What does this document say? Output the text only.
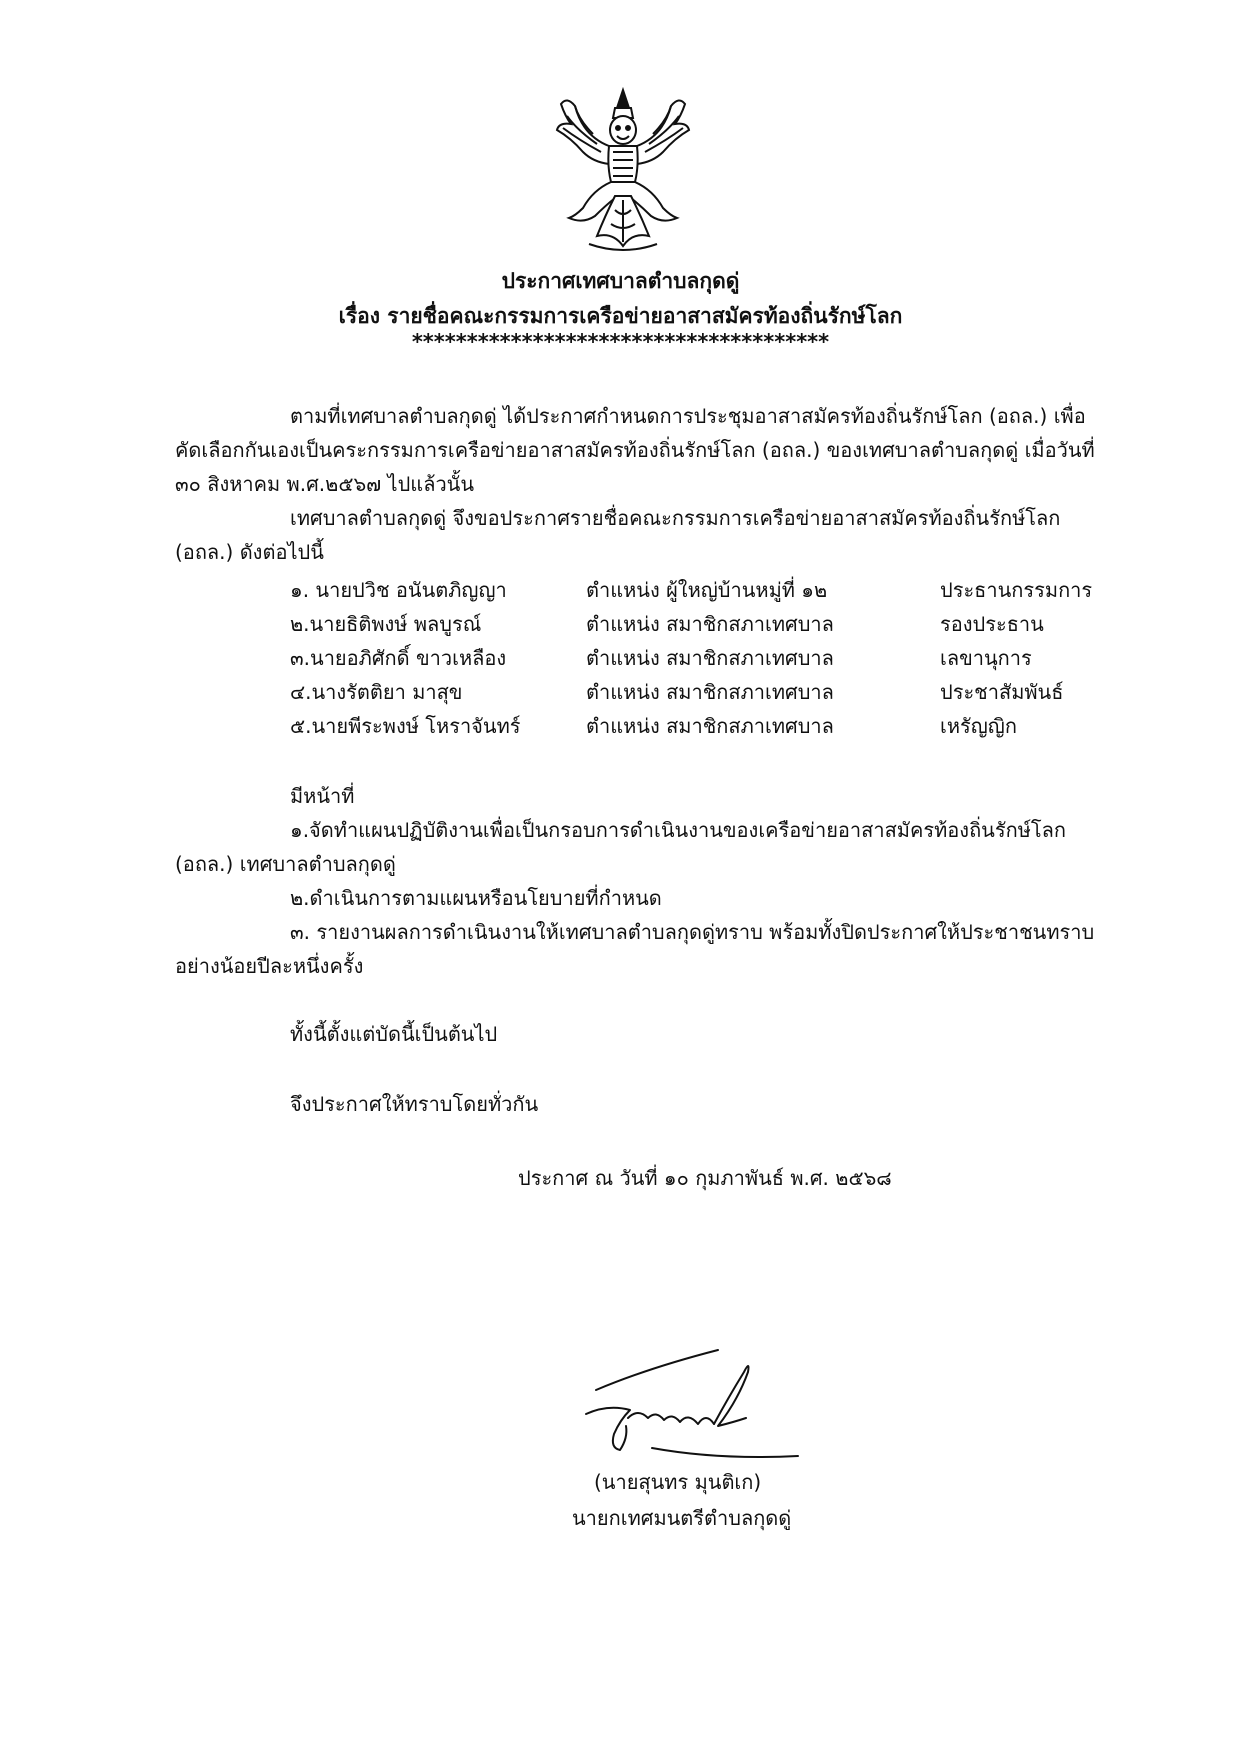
ประกาศเทศบาลตำบลกุดดู่
เรื่อง รายชื่อคณะกรรมการเครือข่ายอาสาสมัครท้องถิ่นรักษ์โลก
**************************************
ตามที่เทศบาลตำบลกุดดู่ ได้ประกาศกำหนดการประชุมอาสาสมัครท้องถิ่นรักษ์โลก (อถล.) เพื่อ
คัดเลือกกันเองเป็นคระกรรมการเครือข่ายอาสาสมัครท้องถิ่นรักษ์โลก (อถล.) ของเทศบาลตำบลกุดดู่ เมื่อวันที่
๓๐ สิงหาคม พ.ศ.๒๕๖๗ ไปแล้วนั้น
เทศบาลตำบลกุดดู่ จึงขอประกาศรายชื่อคณะกรรมการเครือข่ายอาสาสมัครท้องถิ่นรักษ์โลก
(อถล.) ดังต่อไปนี้
๑. นายปวิช อนันตภิญญา	ตำแหน่ง ผู้ใหญ่บ้านหมู่ที่ ๑๒	ประธานกรรมการ
๒.นายธิติพงษ์ พลบูรณ์	ตำแหน่ง สมาชิกสภาเทศบาล	รองประธาน
๓.นายอภิศักดิ์ ขาวเหลือง	ตำแหน่ง สมาชิกสภาเทศบาล	เลขานุการ
๔.นางรัตติยา มาสุข	ตำแหน่ง สมาชิกสภาเทศบาล	ประชาสัมพันธ์
๕.นายพีระพงษ์ โหราจันทร์	ตำแหน่ง สมาชิกสภาเทศบาล	เหรัญญิก
มีหน้าที่
๑.จัดทำแผนปฏิบัติงานเพื่อเป็นกรอบการดำเนินงานของเครือข่ายอาสาสมัครท้องถิ่นรักษ์โลก
(อถล.) เทศบาลตำบลกุดดู่
๒.ดำเนินการตามแผนหรือนโยบายที่กำหนด
๓. รายงานผลการดำเนินงานให้เทศบาลตำบลกุดดู่ทราบ พร้อมทั้งปิดประกาศให้ประชาชนทราบ
อย่างน้อยปีละหนึ่งครั้ง
ทั้งนี้ตั้งแต่บัดนี้เป็นต้นไป
จึงประกาศให้ทราบโดยทั่วกัน
ประกาศ ณ วันที่ ๑๐ กุมภาพันธ์ พ.ศ. ๒๕๖๘
(นายสุนทร มุนติเก)
นายกเทศมนตรีตำบลกุดดู่
